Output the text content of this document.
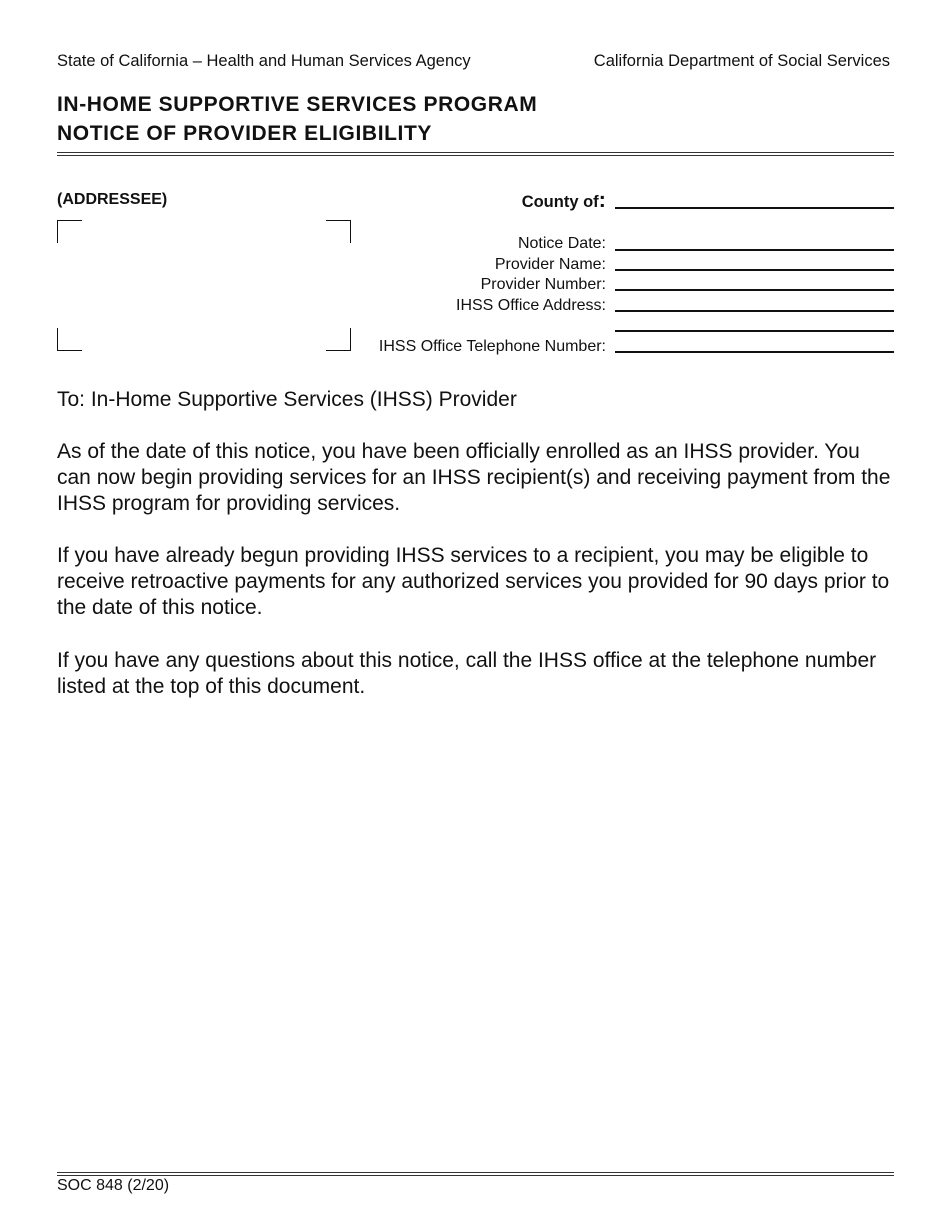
State of California – Health and Human Services Agency	California Department of Social Services
IN-HOME SUPPORTIVE SERVICES PROGRAM
NOTICE OF PROVIDER ELIGIBILITY
(ADDRESSEE)	County of:
Notice Date:
Provider Name:
Provider Number:
IHSS Office Address:
IHSS Office Telephone Number:
To: In-Home Supportive Services (IHSS) Provider
As of the date of this notice, you have been officially enrolled as an IHSS provider. You can now begin providing services for an IHSS recipient(s) and receiving payment from the IHSS program for providing services.
If you have already begun providing IHSS services to a recipient, you may be eligible to receive retroactive payments for any authorized services you provided for 90 days prior to the date of this notice.
If you have any questions about this notice, call the IHSS office at the telephone number listed at the top of this document.
SOC 848 (2/20)
